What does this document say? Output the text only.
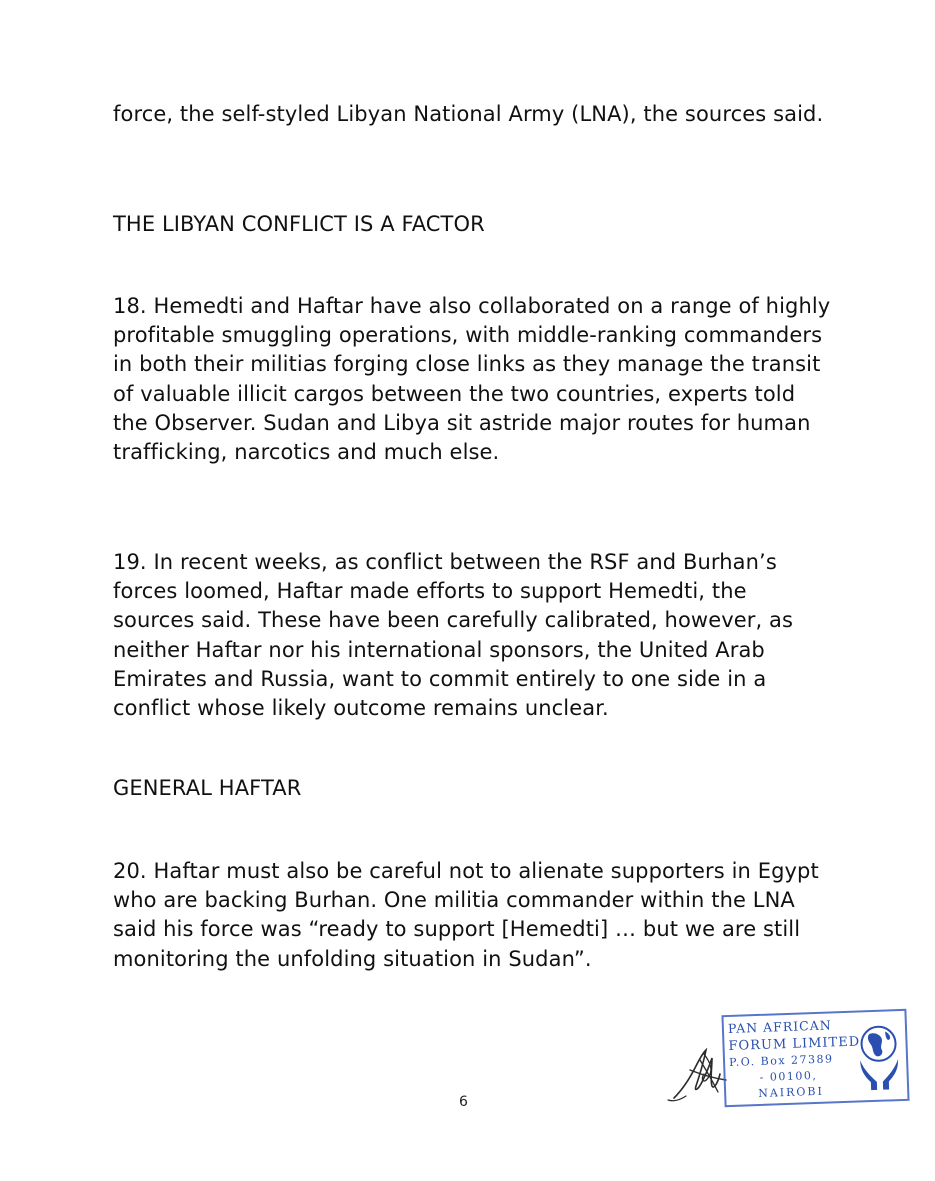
force, the self-styled Libyan National Army (LNA), the sources said.

THE LIBYAN CONFLICT IS A FACTOR

18. Hemedti and Haftar have also collaborated on a range of highly profitable smuggling operations, with middle-ranking commanders in both their militias forging close links as they manage the transit of valuable illicit cargos between the two countries, experts told the Observer. Sudan and Libya sit astride major routes for human trafficking, narcotics and much else.

19. In recent weeks, as conflict between the RSF and Burhan’s forces loomed, Haftar made efforts to support Hemedti, the sources said. These have been carefully calibrated, however, as neither Haftar nor his international sponsors, the United Arab Emirates and Russia, want to commit entirely to one side in a conflict whose likely outcome remains unclear.

GENERAL HAFTAR

20. Haftar must also be careful not to alienate supporters in Egypt who are backing Burhan. One militia commander within the LNA said his force was “ready to support [Hemedti] … but we are still monitoring the unfolding situation in Sudan”.

PAN AFRICAN
FORUM LIMITED
P.O. Box 27389
- 00100,
NAIROBI
6
